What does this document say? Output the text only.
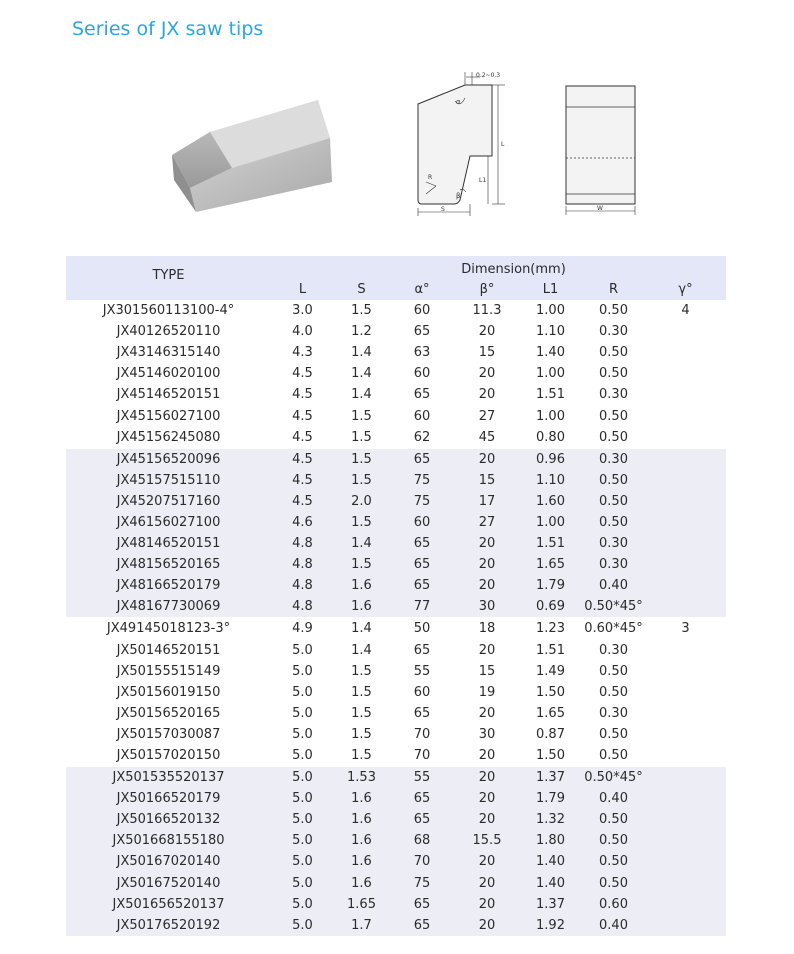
Series of JX saw tips
0.2~0.3
α
L
L1
R
β
S	W
TYPE	Dimension(mm)						
	L	S	α°	β°	L1	R	γ°
JX301560113100-4°	3.0	1.5	60	11.3	1.00	0.50	4
JX40126520110	4.0	1.2	65	20	1.10	0.30	
JX43146315140	4.3	1.4	63	15	1.40	0.50	
JX45146020100	4.5	1.4	60	20	1.00	0.50	
JX45146520151	4.5	1.4	65	20	1.51	0.30	
JX45156027100	4.5	1.5	60	27	1.00	0.50	
JX45156245080	4.5	1.5	62	45	0.80	0.50	
JX45156520096	4.5	1.5	65	20	0.96	0.30	
JX45157515110	4.5	1.5	75	15	1.10	0.50	
JX45207517160	4.5	2.0	75	17	1.60	0.50	
JX46156027100	4.6	1.5	60	27	1.00	0.50	
JX48146520151	4.8	1.4	65	20	1.51	0.30	
JX48156520165	4.8	1.5	65	20	1.65	0.30	
JX48166520179	4.8	1.6	65	20	1.79	0.40	
JX48167730069	4.8	1.6	77	30	0.69	0.50*45°	
JX49145018123-3°	4.9	1.4	50	18	1.23	0.60*45°	3
JX50146520151	5.0	1.4	65	20	1.51	0.30	
JX50155515149	5.0	1.5	55	15	1.49	0.50	
JX50156019150	5.0	1.5	60	19	1.50	0.50	
JX50156520165	5.0	1.5	65	20	1.65	0.30	
JX50157030087	5.0	1.5	70	30	0.87	0.50	
JX50157020150	5.0	1.5	70	20	1.50	0.50	
JX501535520137	5.0	1.53	55	20	1.37	0.50*45°	
JX50166520179	5.0	1.6	65	20	1.79	0.40	
JX50166520132	5.0	1.6	65	20	1.32	0.50	
JX501668155180	5.0	1.6	68	15.5	1.80	0.50	
JX50167020140	5.0	1.6	70	20	1.40	0.50	
JX50167520140	5.0	1.6	75	20	1.40	0.50	
JX501656520137	5.0	1.65	65	20	1.37	0.60	
JX50176520192	5.0	1.7	65	20	1.92	0.40	
